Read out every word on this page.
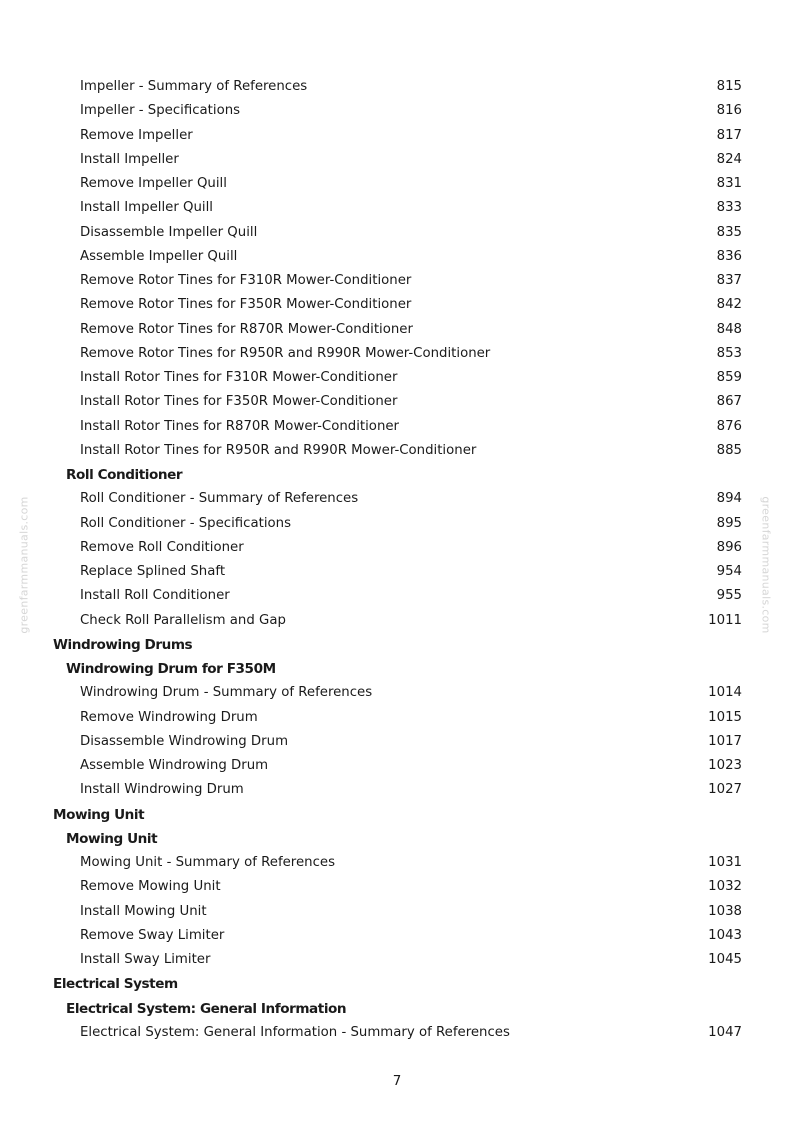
greenfarmmanuals.com	greenfarmmanuals.com
Impeller - Summary of References	815
Impeller - Specifications	816
Remove Impeller	817
Install Impeller	824
Remove Impeller Quill	831
Install Impeller Quill	833
Disassemble Impeller Quill	835
Assemble Impeller Quill	836
Remove Rotor Tines for F310R Mower-Conditioner	837
Remove Rotor Tines for F350R Mower-Conditioner	842
Remove Rotor Tines for R870R Mower-Conditioner	848
Remove Rotor Tines for R950R and R990R Mower-Conditioner	853
Install Rotor Tines for F310R Mower-Conditioner	859
Install Rotor Tines for F350R Mower-Conditioner	867
Install Rotor Tines for R870R Mower-Conditioner	876
Install Rotor Tines for R950R and R990R Mower-Conditioner	885
Roll Conditioner
Roll Conditioner - Summary of References	894
Roll Conditioner - Specifications	895
Remove Roll Conditioner	896
Replace Splined Shaft	954
Install Roll Conditioner	955
Check Roll Parallelism and Gap	1011
Windrowing Drums
Windrowing Drum for F350M
Windrowing Drum - Summary of References	1014
Remove Windrowing Drum	1015
Disassemble Windrowing Drum	1017
Assemble Windrowing Drum	1023
Install Windrowing Drum	1027
Mowing Unit
Mowing Unit
Mowing Unit - Summary of References	1031
Remove Mowing Unit	1032
Install Mowing Unit	1038
Remove Sway Limiter	1043
Install Sway Limiter	1045
Electrical System
Electrical System: General Information
Electrical System: General Information - Summary of References	1047
7
